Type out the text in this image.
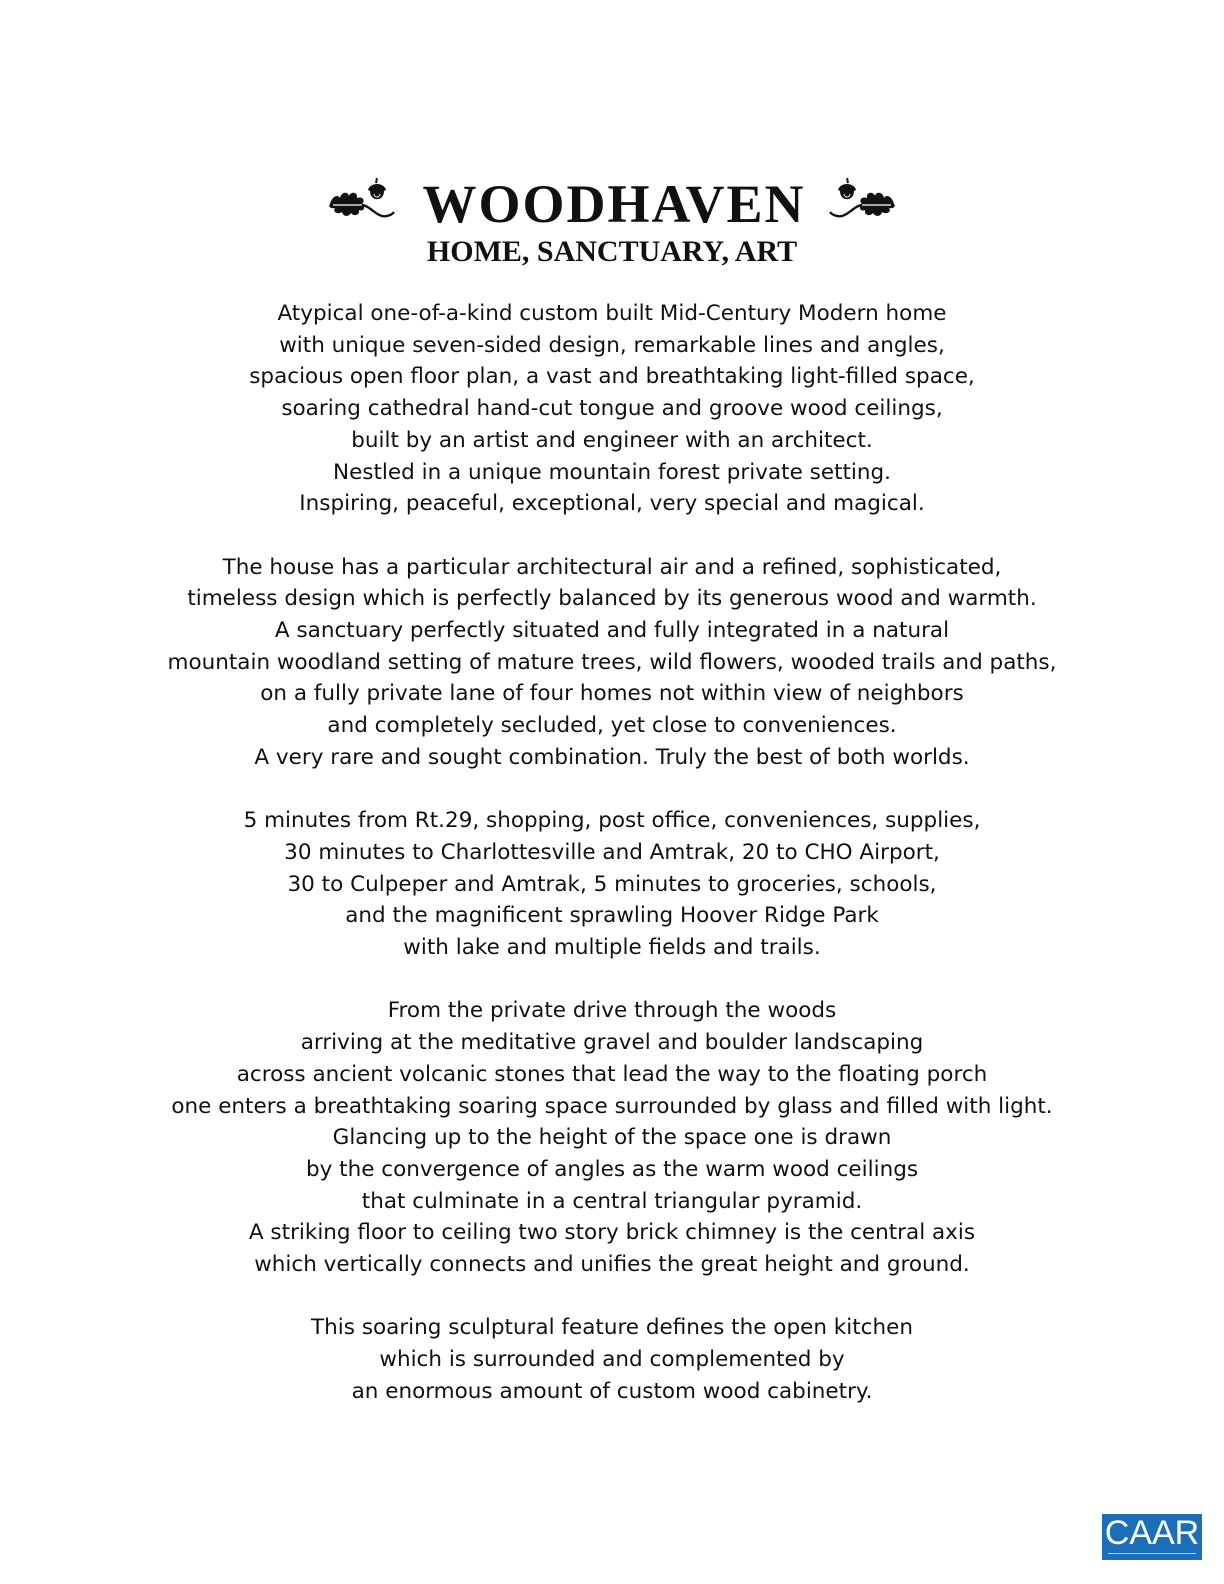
WOODHAVEN
HOME, SANCTUARY, ART

Atypical one-of-a-kind custom built Mid-Century Modern home
with unique seven-sided design, remarkable lines and angles,
spacious open floor plan, a vast and breathtaking light-filled space,
soaring cathedral hand-cut tongue and groove wood ceilings,
built by an artist and engineer with an architect.
Nestled in a unique mountain forest private setting.
Inspiring, peaceful, exceptional, very special and magical.

The house has a particular architectural air and a refined, sophisticated,
timeless design which is perfectly balanced by its generous wood and warmth.
A sanctuary perfectly situated and fully integrated in a natural
mountain woodland setting of mature trees, wild flowers, wooded trails and paths,
on a fully private lane of four homes not within view of neighbors
and completely secluded, yet close to conveniences.
A very rare and sought combination. Truly the best of both worlds.

5 minutes from Rt.29, shopping, post office, conveniences, supplies,
30 minutes to Charlottesville and Amtrak, 20 to CHO Airport,
30 to Culpeper and Amtrak, 5 minutes to groceries, schools,
and the magnificent sprawling Hoover Ridge Park
with lake and multiple fields and trails.

From the private drive through the woods
arriving at the meditative gravel and boulder landscaping
across ancient volcanic stones that lead the way to the floating porch
one enters a breathtaking soaring space surrounded by glass and filled with light.
Glancing up to the height of the space one is drawn
by the convergence of angles as the warm wood ceilings
that culminate in a central triangular pyramid.
A striking floor to ceiling two story brick chimney is the central axis
which vertically connects and unifies the great height and ground.

This soaring sculptural feature defines the open kitchen
which is surrounded and complemented by
an enormous amount of custom wood cabinetry.

CAAR
